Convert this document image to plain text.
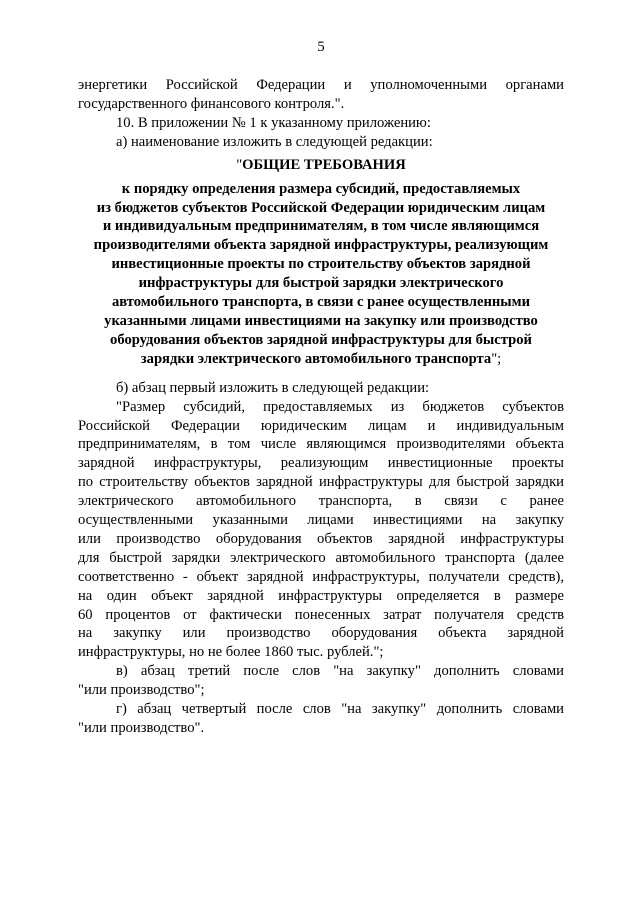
5
энергетики Российской Федерации и уполномоченными органами
государственного финансового контроля.".

10. В приложении № 1 к указанному приложению:

а) наименование изложить в следующей редакции:

"ОБЩИЕ ТРЕБОВАНИЯ
к порядку определения размера субсидий, предоставляемых
из бюджетов субъектов Российской Федерации юридическим лицам
и индивидуальным предпринимателям, в том числе являющимся
производителями объекта зарядной инфраструктуры, реализующим
инвестиционные проекты по строительству объектов зарядной
инфраструктуры для быстрой зарядки электрического
автомобильного транспорта, в связи с ранее осуществленными
указанными лицами инвестициями на закупку или производство
оборудования объектов зарядной инфраструктуры для быстрой
зарядки электрического автомобильного транспорта";

б) абзац первый изложить в следующей редакции:

"Размер субсидий, предоставляемых из бюджетов субъектов
Российской Федерации юридическим лицам и индивидуальным
предпринимателям, в том числе являющимся производителями объекта
зарядной инфраструктуры, реализующим инвестиционные проекты
по строительству объектов зарядной инфраструктуры для быстрой зарядки
электрического автомобильного транспорта, в связи с ранее
осуществленными указанными лицами инвестициями на закупку
или производство оборудования объектов зарядной инфраструктуры
для быстрой зарядки электрического автомобильного транспорта (далее
соответственно - объект зарядной инфраструктуры, получатели средств),
на один объект зарядной инфраструктуры определяется в размере
60 процентов от фактически понесенных затрат получателя средств
на закупку или производство оборудования объекта зарядной
инфраструктуры, но не более 1860 тыс. рублей.";
в) абзац третий после слов "на закупку" дополнить словами
"или производство";
г) абзац четвертый после слов "на закупку" дополнить словами
"или производство".
